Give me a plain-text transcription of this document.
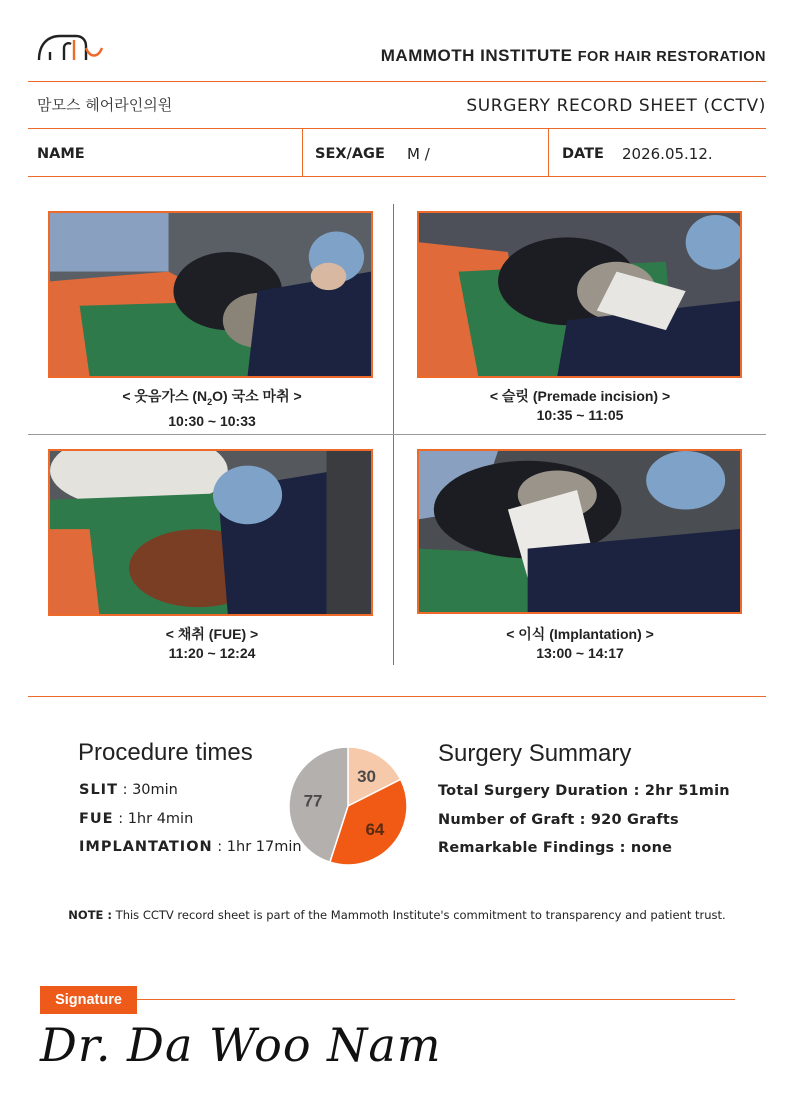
MAMMOTH INSTITUTE FOR HAIR RESTORATION
맘모스 헤어라인의원	SURGERY RECORD SHEET (CCTV)
NAME	SEX/AGE M /	DATE 2026.05.12.
< 웃음가스 $(N_2O)$ 국소 마취 >
10:30 ~ 10:33
< 슬릿 (Premade incision) >
10:35 ~ 11:05
< 채취 (FUE) >
11:20 ~ 12:24
< 이식 (Implantation) >
13:00 ~ 14:17
Procedure times
SLIT : 30min
FUE : 1hr 4min
IMPLANTATION : 1hr 17min
30
64
77
Surgery Summary
Total Surgery Duration : 2hr 51min
Number of Graft : 920 Grafts
Remarkable Findings : none
NOTE : This CCTV record sheet is part of the Mammoth Institute's commitment to transparency and patient trust.
Signature
Dr. Da Woo Nam
